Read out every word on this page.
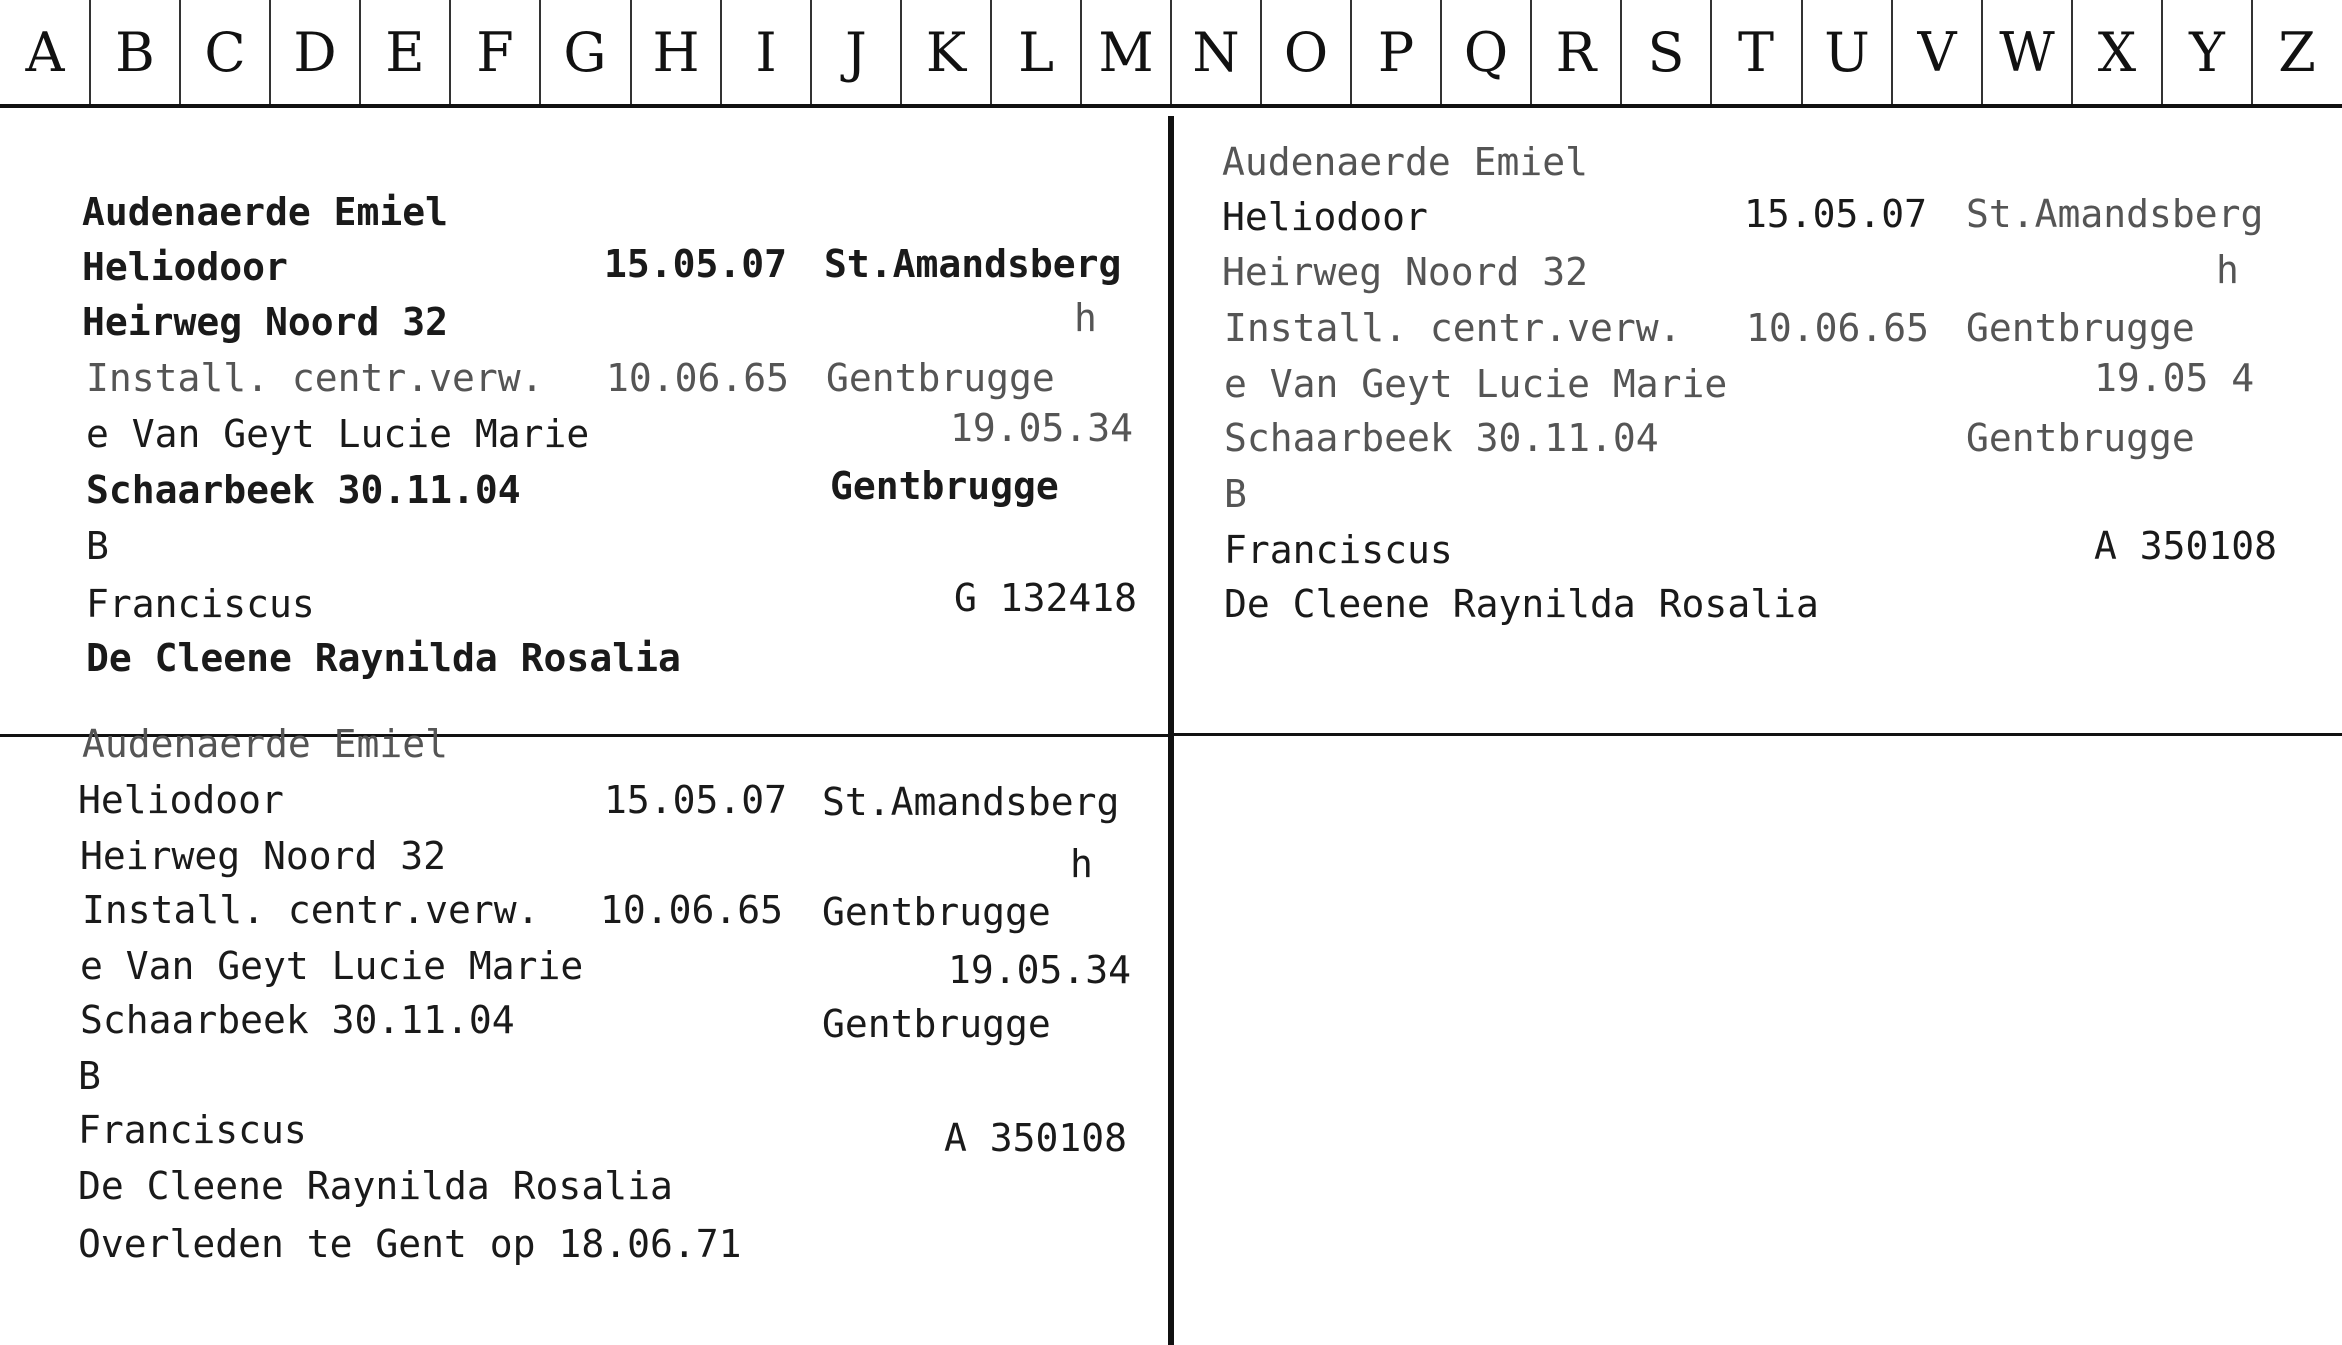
A B C D E F G H	I	J	K L M N O P Q R S T U V W X Y Z
Audenaerde Emiel
Heliodoor	15.05.07 St.Amandsberg
Heirweg Noord 32	h
Install. centr.verw. 10.06.65 Gentbrugge
e Van Geyt Lucie Marie	19.05.34
Schaarbeek 30.11.04	Gentbrugge
B
Franciscus	G 132418
De Cleene Raynilda Rosalia
Audenaerde Emiel
Heliodoor	15.05.07 St.Amandsberg
Heirweg Noord 32	h
Install. centr.verw. 10.06.65 Gentbrugge
e Van Geyt Lucie Marie	19.05 4
Schaarbeek 30.11.04	Gentbrugge
B
Franciscus	A 350108
De Cleene Raynilda Rosalia
Audenaerde Emiel
Heliodoor	15.05.07 St.Amandsberg
Heirweg Noord 32	h
Install. centr.verw. 10.06.65 Gentbrugge
e Van Geyt Lucie Marie	19.05.34
Schaarbeek 30.11.04	Gentbrugge
B
Franciscus	A 350108
De Cleene Raynilda Rosalia
Overleden te Gent op 18.06.71
